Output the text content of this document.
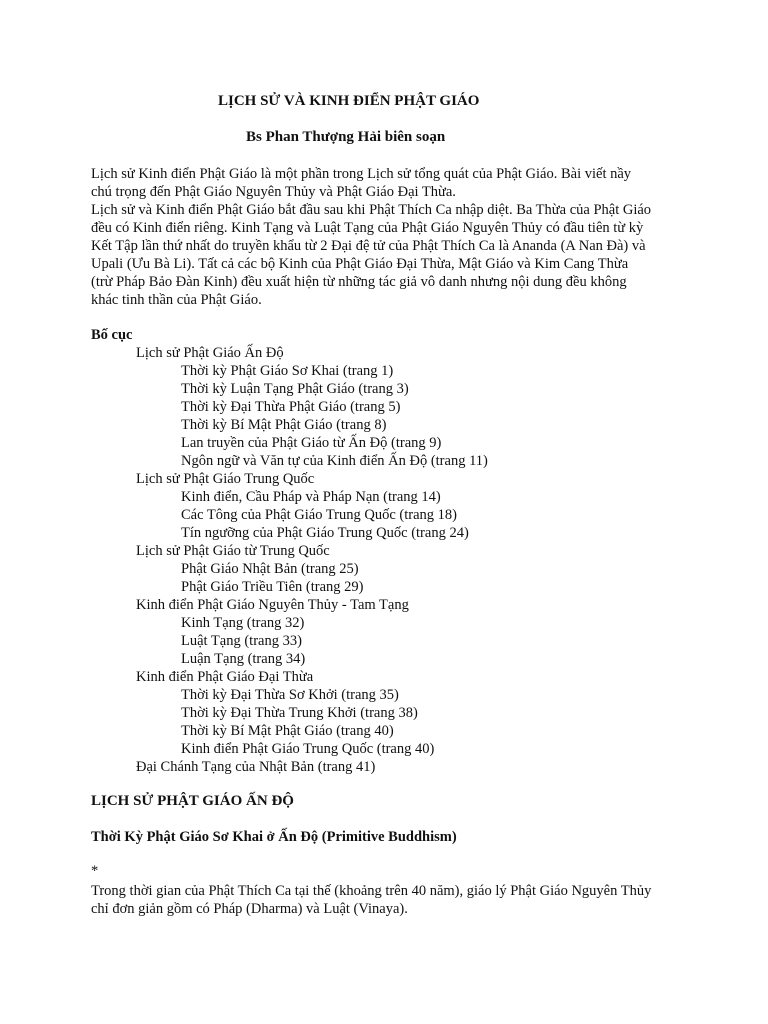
LỊCH SỬ VÀ KINH ĐIỂN PHẬT GIÁO
Bs Phan Thượng Hải biên soạn
Lịch sử Kinh điển Phật Giáo là một phần trong Lịch sử tổng quát của Phật Giáo. Bài viết nầy
chú trọng đến Phật Giáo Nguyên Thủy và Phật Giáo Đại Thừa.
Lịch sử và Kinh điển Phật Giáo bắt đầu sau khi Phật Thích Ca nhập diệt. Ba Thừa của Phật Giáo
đều có Kinh điển riêng. Kinh Tạng và Luật Tạng của Phật Giáo Nguyên Thủy có đầu tiên từ kỳ
Kết Tập lần thứ nhất do truyền khẩu từ 2 Đại đệ tử của Phật Thích Ca là Ananda (A Nan Đà) và
Upali (Ưu Bà Li). Tất cả các bộ Kinh của Phật Giáo Đại Thừa, Mật Giáo và Kim Cang Thừa
(trừ Pháp Bảo Đàn Kinh) đều xuất hiện từ những tác giả vô danh nhưng nội dung đều không
khác tinh thần của Phật Giáo.
Bố cục
Lịch sử Phật Giáo Ấn Độ
Thời kỳ Phật Giáo Sơ Khai (trang 1)
Thời kỳ Luận Tạng Phật Giáo (trang 3)
Thời kỳ Đại Thừa Phật Giáo (trang 5)
Thời kỳ Bí Mật Phật Giáo (trang 8)
Lan truyền của Phật Giáo từ Ấn Độ (trang 9)
Ngôn ngữ và Văn tự của Kinh điển Ấn Độ (trang 11)
Lịch sử Phật Giáo Trung Quốc
Kinh điển, Cầu Pháp và Pháp Nạn (trang 14)
Các Tông của Phật Giáo Trung Quốc (trang 18)
Tín ngưỡng của Phật Giáo Trung Quốc (trang 24)
Lịch sử Phật Giáo từ Trung Quốc
Phật Giáo Nhật Bản (trang 25)
Phật Giáo Triều Tiên (trang 29)
Kinh điển Phật Giáo Nguyên Thủy - Tam Tạng
Kinh Tạng (trang 32)
Luật Tạng (trang 33)
Luận Tạng (trang 34)
Kinh điển Phật Giáo Đại Thừa
Thời kỳ Đại Thừa Sơ Khởi (trang 35)
Thời kỳ Đại Thừa Trung Khởi (trang 38)
Thời kỳ Bí Mật Phật Giáo (trang 40)
Kinh điển Phật Giáo Trung Quốc (trang 40)
Đại Chánh Tạng của Nhật Bản (trang 41)
LỊCH SỬ PHẬT GIÁO ẤN ĐỘ
Thời Kỳ Phật Giáo Sơ Khai ở Ấn Độ (Primitive Buddhism)
*
Trong thời gian của Phật Thích Ca tại thế (khoảng trên 40 năm), giáo lý Phật Giáo Nguyên Thủy
chỉ đơn giản gồm có Pháp (Dharma) và Luật (Vinaya).
